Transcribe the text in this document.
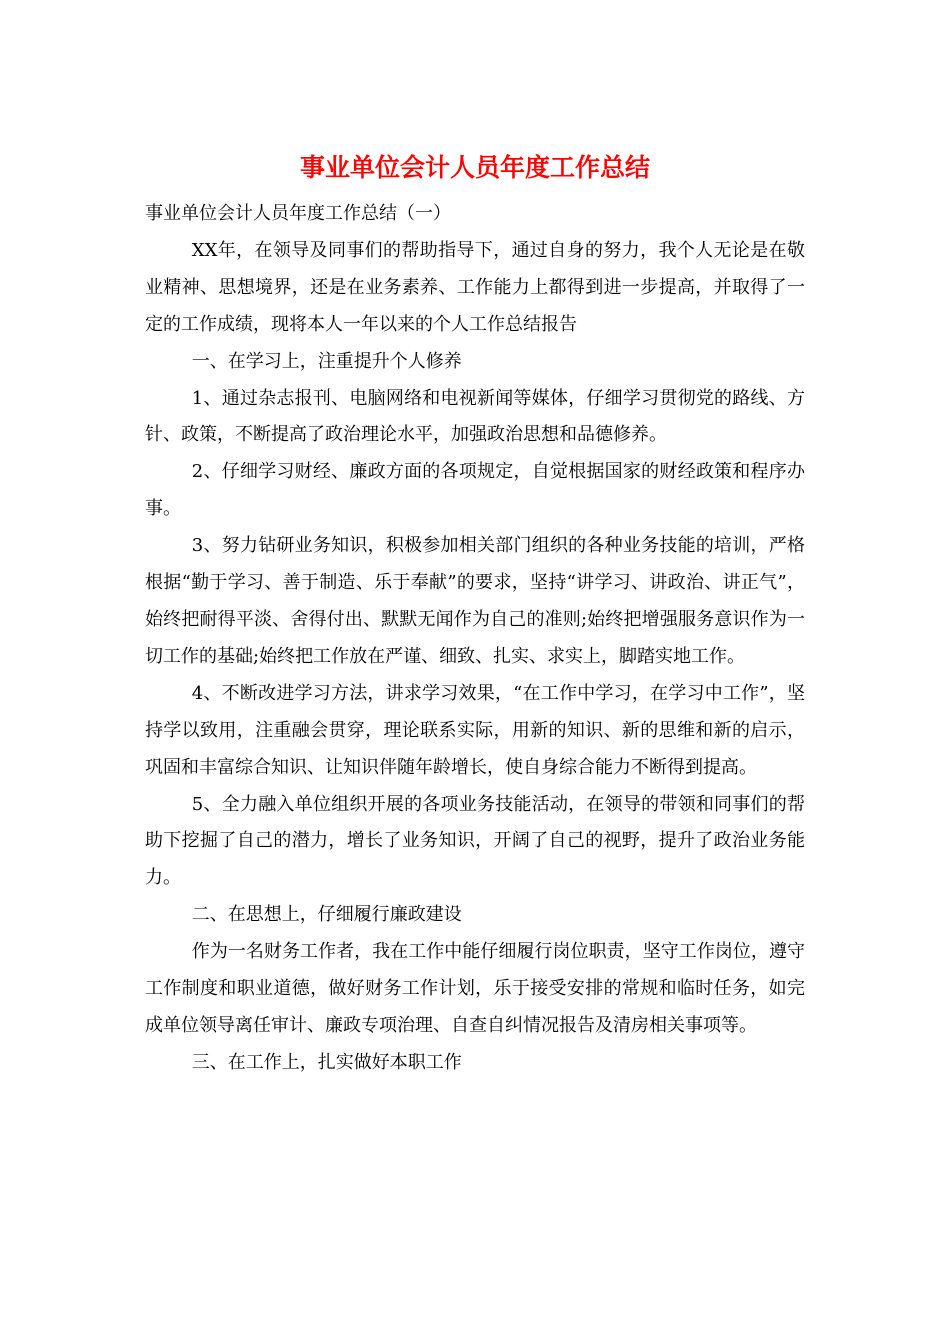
事业单位会计人员年度工作总结

事业单位会计人员年度工作总结（一）

XX年，在领导及同事们的帮助指导下，通过自身的努力，我个人无论是在敬业精神、思想境界，还是在业务素养、工作能力上都得到进一步提高，并取得了一定的工作成绩，现将本人一年以来的个人工作总结报告

一、在学习上，注重提升个人修养

1、通过杂志报刊、电脑网络和电视新闻等媒体，仔细学习贯彻党的路线、方针、政策，不断提高了政治理论水平，加强政治思想和品德修养。

2、仔细学习财经、廉政方面的各项规定，自觉根据国家的财经政策和程序办事。

3、努力钻研业务知识，积极参加相关部门组织的各种业务技能的培训，严格根据“勤于学习、善于制造、乐于奉献”的要求，坚持“讲学习、讲政治、讲正气”，始终把耐得平淡、舍得付出、默默无闻作为自己的准则;始终把增强服务意识作为一切工作的基础;始终把工作放在严谨、细致、扎实、求实上，脚踏实地工作。

4、不断改进学习方法，讲求学习效果，“在工作中学习，在学习中工作”，坚持学以致用，注重融会贯穿，理论联系实际，用新的知识、新的思维和新的启示，巩固和丰富综合知识、让知识伴随年龄增长，使自身综合能力不断得到提高。

5、全力融入单位组织开展的各项业务技能活动，在领导的带领和同事们的帮助下挖掘了自己的潜力，增长了业务知识，开阔了自己的视野，提升了政治业务能力。

二、在思想上，仔细履行廉政建设

作为一名财务工作者，我在工作中能仔细履行岗位职责，坚守工作岗位，遵守工作制度和职业道德，做好财务工作计划，乐于接受安排的常规和临时任务，如完成单位领导离任审计、廉政专项治理、自查自纠情况报告及清房相关事项等。

三、在工作上，扎实做好本职工作
